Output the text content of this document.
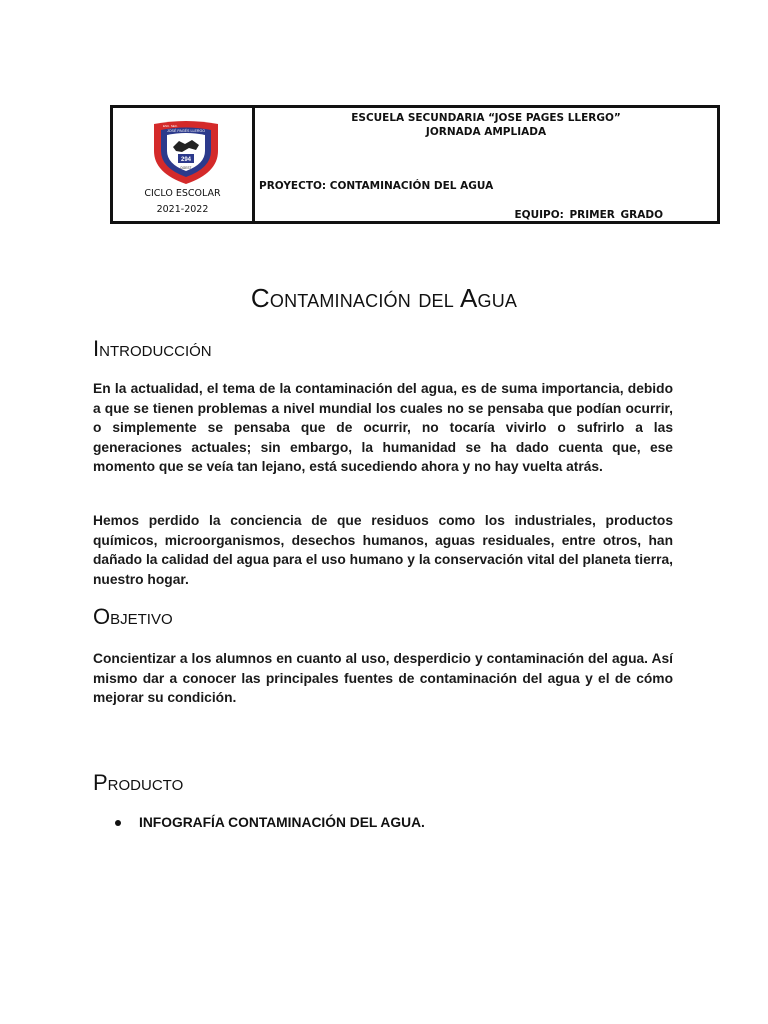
JOSÉ PAGÉS LLERGO
294
ESC. SEC.
DGEST
CICLO ESCOLAR
2021-2022
ESCUELA SECUNDARIA “JOSE PAGES LLERGO”
JORNADA AMPLIADA
PROYECTO: CONTAMINACIÓN DEL AGUA
EQUIPO: PRIMER GRADO
Contaminación del Agua
Introducción

En la actualidad, el tema de la contaminación del agua, es de suma importancia, debido a que se tienen problemas a nivel mundial los cuales no se pensaba que podían ocurrir, o simplemente se pensaba que de ocurrir, no tocaría vivirlo o sufrirlo a las generaciones actuales; sin embargo, la humanidad se ha dado cuenta que, ese momento que se veía tan lejano, está sucediendo ahora y no hay vuelta atrás.

Hemos perdido la conciencia de que residuos como los industriales, productos químicos, microorganismos, desechos humanos, aguas residuales, entre otros, han dañado la calidad del agua para el uso humano y la conservación vital del planeta tierra, nuestro hogar.

Objetivo

Concientizar a los alumnos en cuanto al uso, desperdicio y contaminación del agua. Así mismo dar a conocer las principales fuentes de contaminación del agua y el de cómo mejorar su condición.

Producto
INFOGRAFÍA CONTAMINACIÓN DEL AGUA.
